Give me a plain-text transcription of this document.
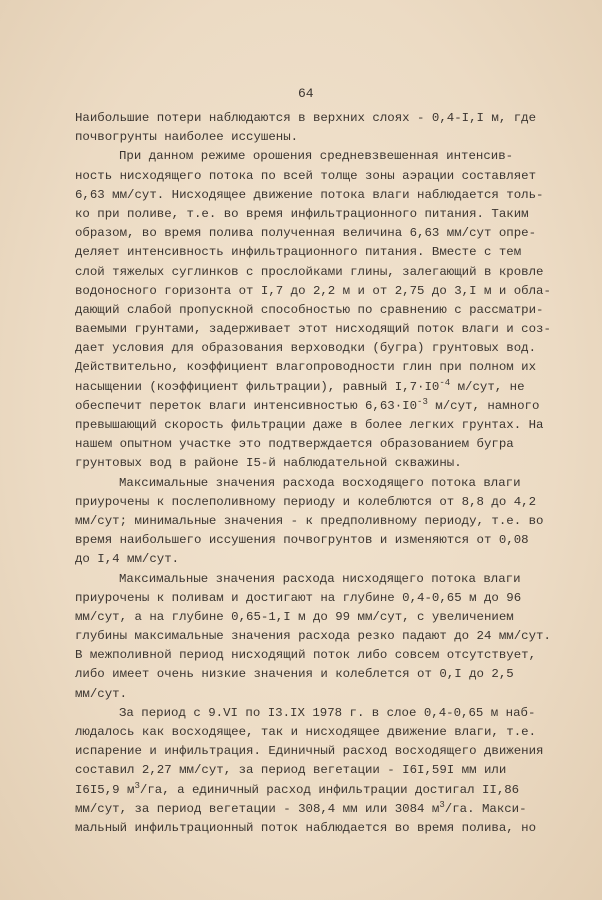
64
Наибольшие потери наблюдаются в верхних слоях - 0,4-I,I м, где
почвогрунты наиболее иссушены.
При данном режиме орошения средневзвешенная интенсив-
ность нисходящего потока по всей толще зоны аэрации составляет
6,63 мм/сут. Нисходящее движение потока влаги наблюдается толь-
ко при поливе, т.е. во время инфильтрационного питания. Таким
образом, во время полива полученная величина 6,63 мм/сут опре-
деляет интенсивность инфильтрационного питания. Вместе с тем
слой тяжелых суглинков с прослойками глины, залегающий в кровле
водоносного горизонта от I,7 до 2,2 м и от 2,75 до 3,I м и обла-
дающий слабой пропускной способностью по сравнению с рассматри-
ваемыми грунтами, задерживает этот нисходящий поток влаги и соз-
дает условия для образования верховодки (бугра) грунтовых вод.
Действительно, коэффициент влагопроводности глин при полном их
насыщении (коэффициент фильтрации), равный $I,7\cdot I0^{-4}$ м/сут, не
обеспечит переток влаги интенсивностью $6,63\cdot I0^{-3}$ м/сут, намного
превышающий скорость фильтрации даже в более легких грунтах. На
нашем опытном участке это подтверждается образованием бугра
грунтовых вод в районе I5-й наблюдательной скважины.
Максимальные значения расхода восходящего потока влаги
приурочены к послеполивному периоду и колеблются от 8,8 до 4,2
мм/сут; минимальные значения - к предполивному периоду, т.е. во
время наибольшего иссушения почвогрунтов и изменяются от 0,08
до I,4 мм/сут.
Максимальные значения расхода нисходящего потока влаги
приурочены к поливам и достигают на глубине 0,4-0,65 м до 96
мм/сут, а на глубине 0,65-1,I м до 99 мм/сут, с увеличением
глубины максимальные значения расхода резко падают до 24 мм/сут.
В межполивной период нисходящий поток либо совсем отсутствует,
либо имеет очень низкие значения и колеблется от 0,I до 2,5
мм/сут.
За период с 9.VI по I3.IX 1978 г. в слое 0,4-0,65 м наб-
людалось как восходящее, так и нисходящее движение влаги, т.е.
испарение и инфильтрация. Единичный расход восходящего движения
составил 2,27 мм/сут, за период вегетации - I6I,59I мм или
I6I5,9 $м^3/га$, а единичный расход инфильтрации достигал II,86
мм/сут, за период вегетации - 308,4 мм или 3084 $м^3/га$. Макси-
мальный инфильтрационный поток наблюдается во время полива, но
